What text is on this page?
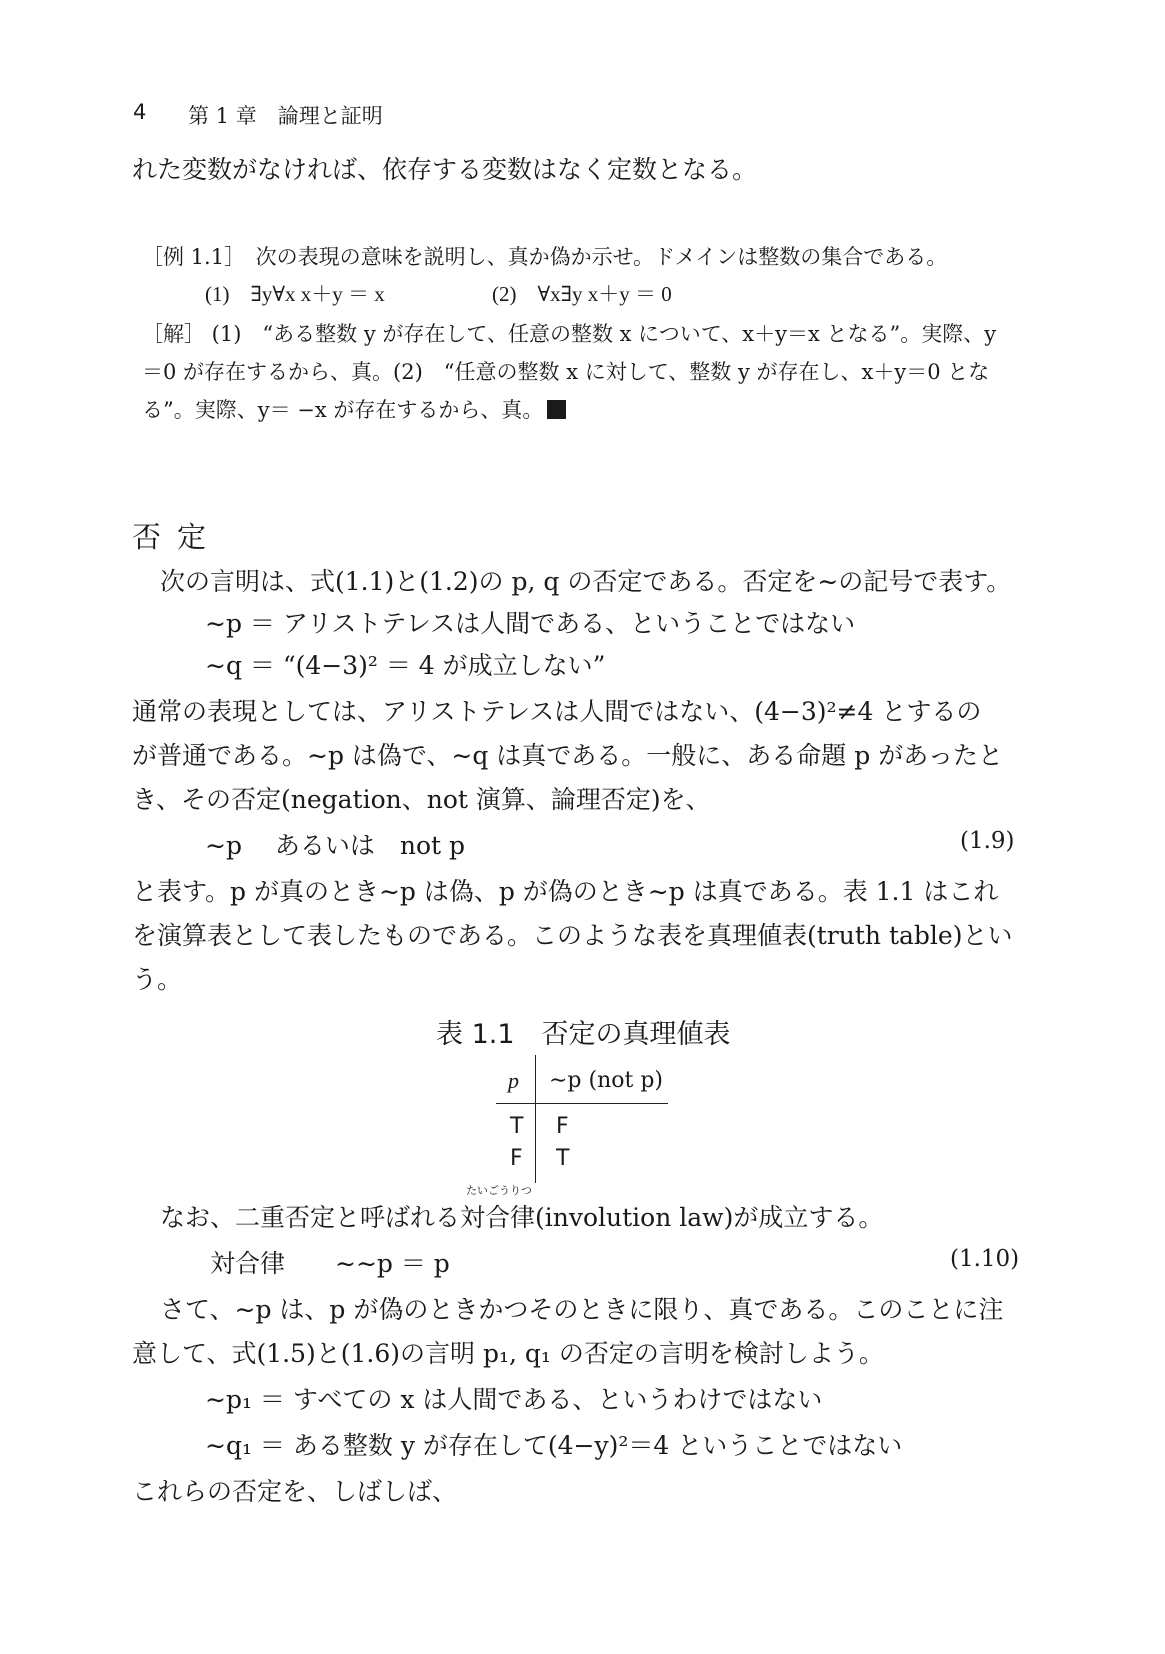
4 第 1 章　論理と証明
れた変数がなければ、依存する変数はなく定数となる。
［例 1.1］　次の表現の意味を説明し、真か偽か示せ。ドメインは整数の集合である。
(1)　∃y∀x x＋y ＝ x	(2)　∀x∃y x＋y ＝ 0
［解］ (1)　“ある整数 y が存在して、任意の整数 x について、x＋y＝x となる”。実際、y
＝0 が存在するから、真。(2)　“任意の整数 x に対して、整数 y が存在し、x＋y＝0 とな
る”。実際、y＝ −x が存在するから、真。
否定
次の言明は、式(1.1)と(1.2)の p, q の否定である。否定を∼の記号で表す。
∼p ＝ アリストテレスは人間である、ということではない
∼q ＝ “(4−3)² ＝ 4 が成立しない”
通常の表現としては、アリストテレスは人間ではない、(4−3)²≠4 とするの
が普通である。∼p は偽で、∼q は真である。一般に、ある命題 p があったと
き、その否定(negation、not 演算、論理否定)を、
∼p　 あるいは　not p	(1.9)
と表す。p が真のとき∼p は偽、p が偽のとき∼p は真である。表 1.1 はこれ
を演算表として表したものである。このような表を真理値表(truth table)とい
う。
表 1.1　否定の真理値表
p ∼p (not p)
T F
F T
たいごうりつ
なお、二重否定と呼ばれる対合律(involution law)が成立する。
対合律　　∼∼p ＝ p	(1.10)
さて、∼p は、p が偽のときかつそのときに限り、真である。このことに注
意して、式(1.5)と(1.6)の言明 p₁, q₁ の否定の言明を検討しよう。
∼p₁ ＝ すべての x は人間である、というわけではない
∼q₁ ＝ ある整数 y が存在して(4−y)²＝4 ということではない
これらの否定を、しばしば、
